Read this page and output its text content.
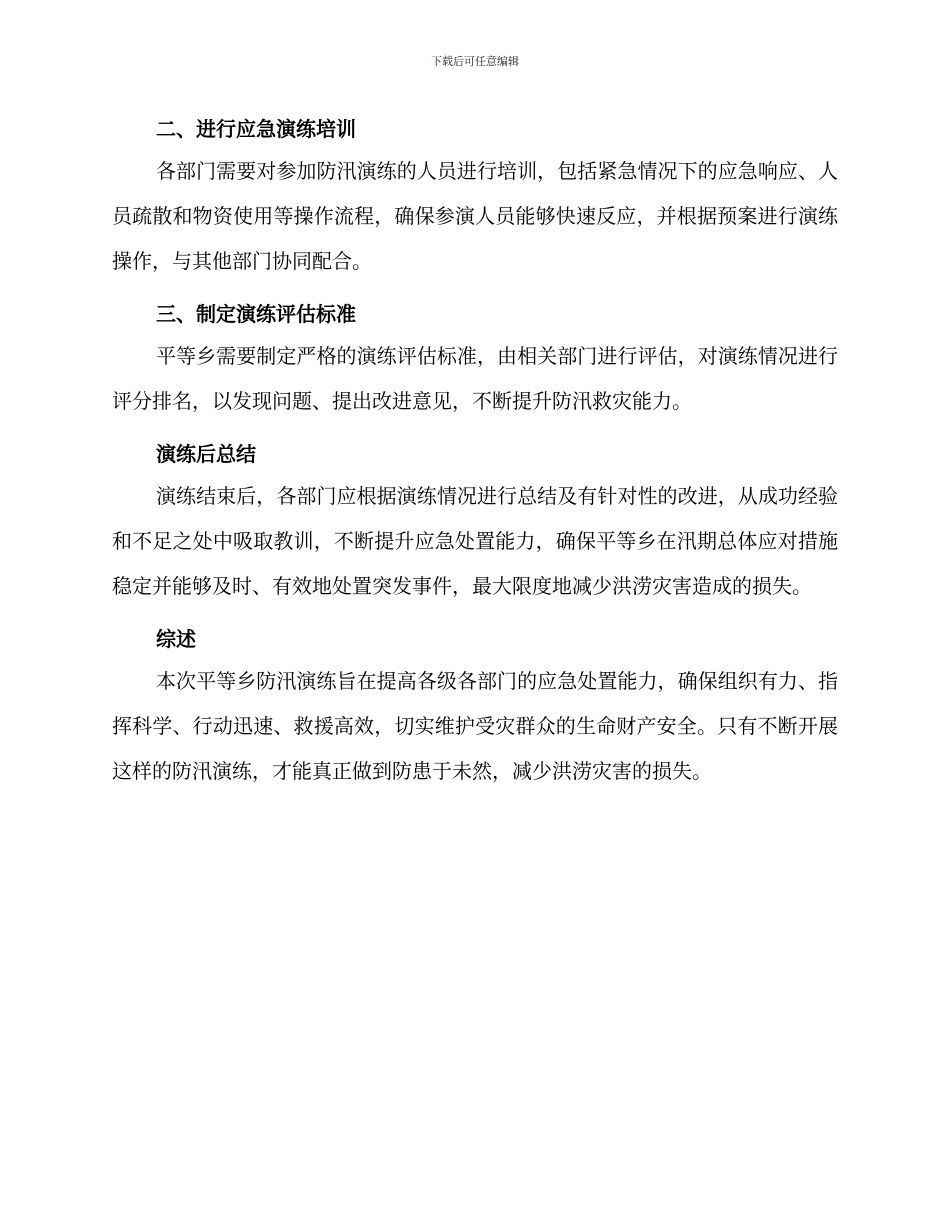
下载后可任意编辑
二、进行应急演练培训

各部门需要对参加防汛演练的人员进行培训，包括紧急情况下的应急响应、人员疏散和物资使用等操作流程，确保参演人员能够快速反应，并根据预案进行演练操作，与其他部门协同配合。

三、制定演练评估标准

平等乡需要制定严格的演练评估标准，由相关部门进行评估，对演练情况进行评分排名，以发现问题、提出改进意见，不断提升防汛救灾能力。

演练后总结

演练结束后，各部门应根据演练情况进行总结及有针对性的改进，从成功经验和不足之处中吸取教训，不断提升应急处置能力，确保平等乡在汛期总体应对措施稳定并能够及时、有效地处置突发事件，最大限度地减少洪涝灾害造成的损失。

综述

本次平等乡防汛演练旨在提高各级各部门的应急处置能力，确保组织有力、指挥科学、行动迅速、救援高效，切实维护受灾群众的生命财产安全。只有不断开展这样的防汛演练，才能真正做到防患于未然，减少洪涝灾害的损失。
